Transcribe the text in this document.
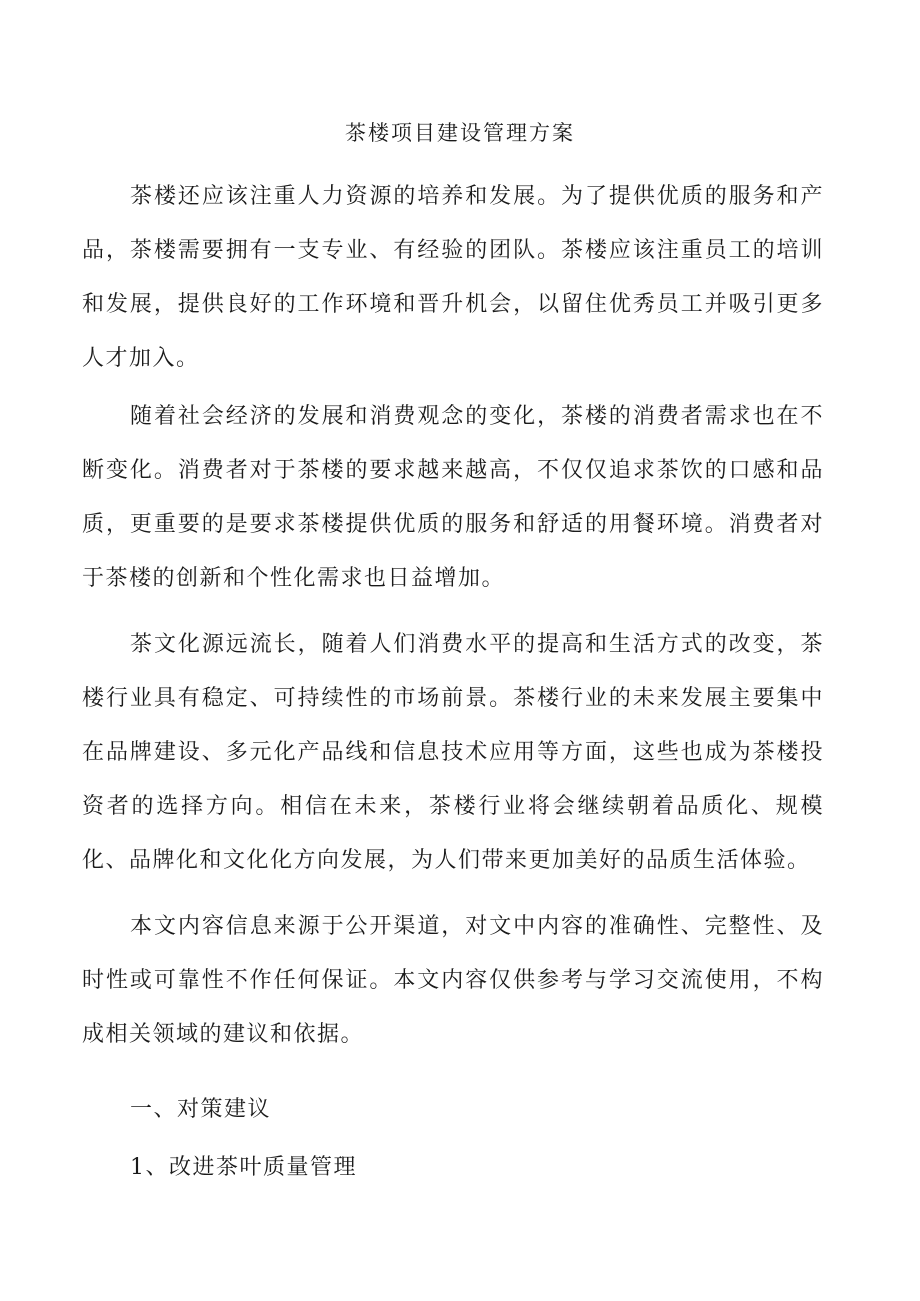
茶楼项目建设管理方案

茶楼还应该注重人力资源的培养和发展。为了提供优质的服务和产品，茶楼需要拥有一支专业、有经验的团队。茶楼应该注重员工的培训和发展，提供良好的工作环境和晋升机会，以留住优秀员工并吸引更多人才加入。

随着社会经济的发展和消费观念的变化，茶楼的消费者需求也在不断变化。消费者对于茶楼的要求越来越高，不仅仅追求茶饮的口感和品质，更重要的是要求茶楼提供优质的服务和舒适的用餐环境。消费者对于茶楼的创新和个性化需求也日益增加。

茶文化源远流长，随着人们消费水平的提高和生活方式的改变，茶楼行业具有稳定、可持续性的市场前景。茶楼行业的未来发展主要集中在品牌建设、多元化产品线和信息技术应用等方面，这些也成为茶楼投资者的选择方向。相信在未来，茶楼行业将会继续朝着品质化、规模化、品牌化和文化化方向发展，为人们带来更加美好的品质生活体验。

本文内容信息来源于公开渠道，对文中内容的准确性、完整性、及时性或可靠性不作任何保证。本文内容仅供参考与学习交流使用，不构成相关领域的建议和依据。

一、对策建议

1、改进茶叶质量管理
